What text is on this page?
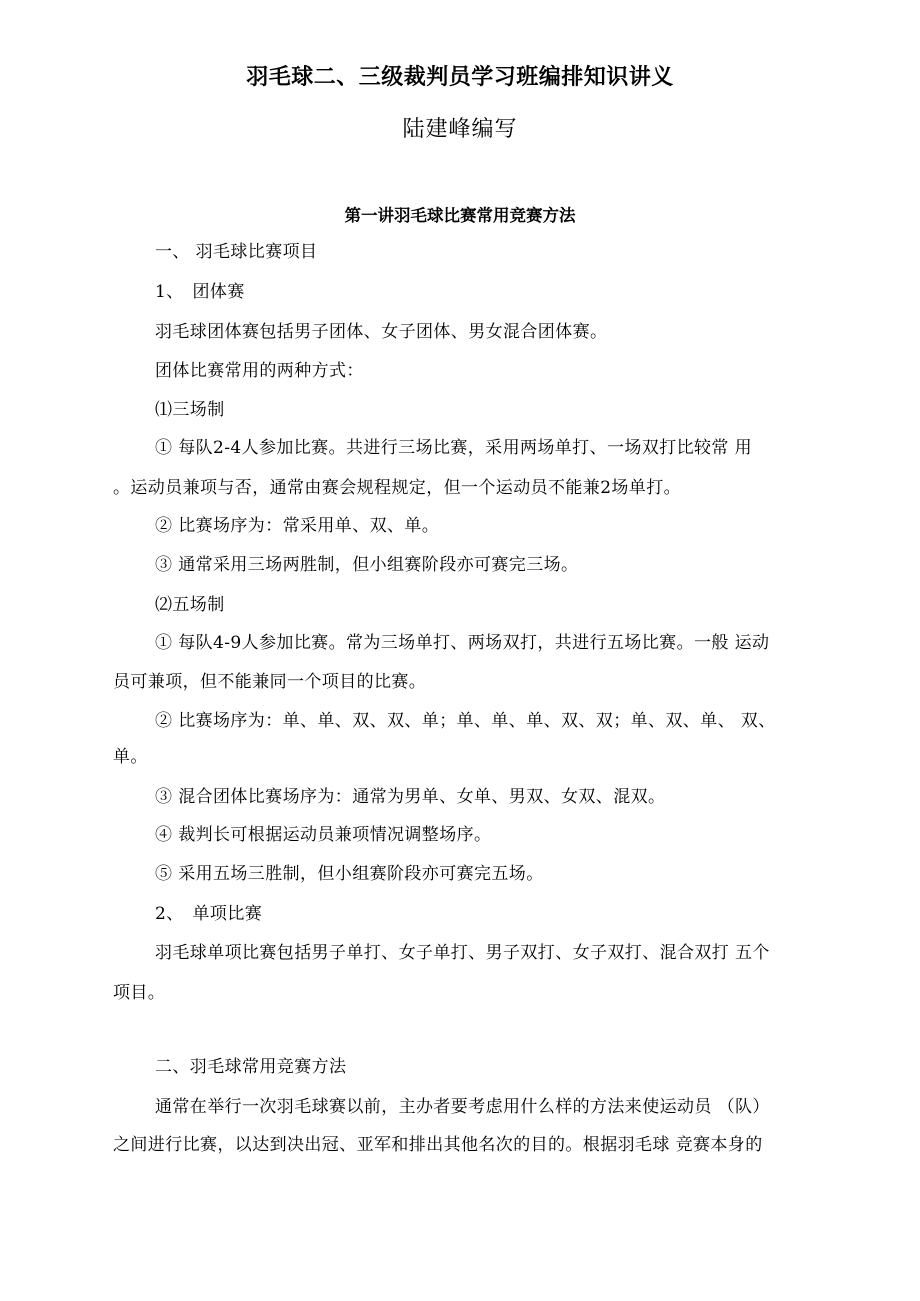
羽毛球二、三级裁判员学习班编排知识讲义
陆建峰编写
第一讲羽毛球比赛常用竞赛方法
一、 羽毛球比赛项目
1、　团体赛
羽毛球团体赛包括男子团体、女子团体、男女混合团体赛。
团体比赛常用的两种方式：
⑴三场制
① 每队2-4人参加比赛。共进行三场比赛，采用两场单打、一场双打比较常 用
。运动员兼项与否，通常由赛会规程规定，但一个运动员不能兼2场单打。
② 比赛场序为：常采用单、双、单。
③ 通常采用三场两胜制，但小组赛阶段亦可赛完三场。
⑵五场制
① 每队4-9人参加比赛。常为三场单打、两场双打，共进行五场比赛。一般 运动
员可兼项，但不能兼同一个项目的比赛。
② 比赛场序为：单、单、双、双、单；单、单、单、双、双；单、双、单、 双、
单。
③ 混合团体比赛场序为：通常为男单、女单、男双、女双、混双。
④ 裁判长可根据运动员兼项情况调整场序。
⑤ 采用五场三胜制，但小组赛阶段亦可赛完五场。
2、　单项比赛
羽毛球单项比赛包括男子单打、女子单打、男子双打、女子双打、混合双打 五个
项目。
二、羽毛球常用竞赛方法
通常在举行一次羽毛球赛以前，主办者要考虑用什么样的方法来使运动员 （队）
之间进行比赛，以达到决出冠、亚军和排出其他名次的目的。根据羽毛球 竞赛本身的
